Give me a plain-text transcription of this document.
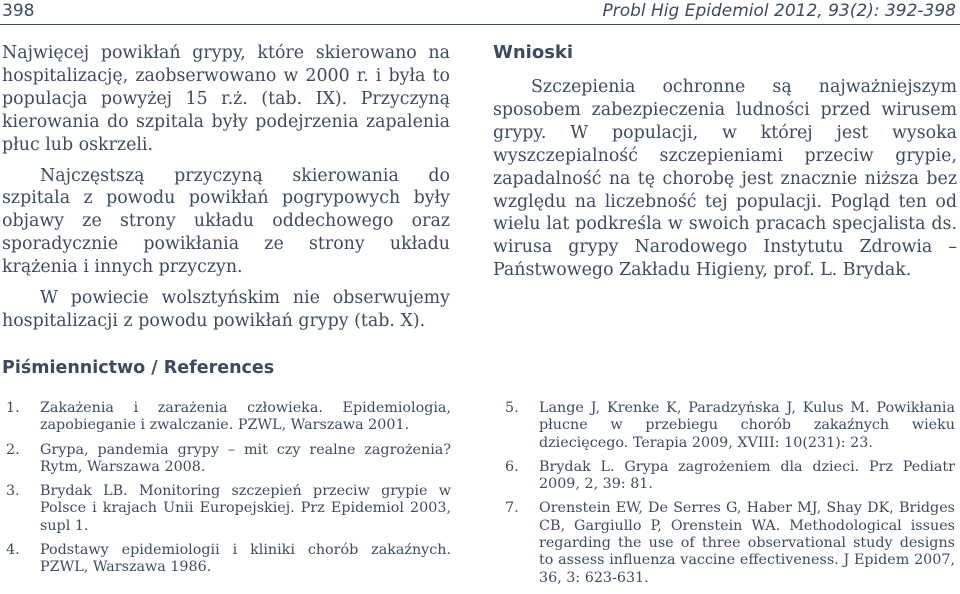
398	Probl Hig Epidemiol 2012, 93(2): 392-398

Najwięcej powikłań grypy, które skierowano na hospitalizację, zaobserwowano w 2000 r. i była to populacja powyżej 15 r.ż. (tab. IX). Przyczyną kierowania do szpitala były podejrzenia zapalenia płuc lub oskrzeli.

Najczęstszą przyczyną skierowania do szpitala z powodu powikłań pogrypowych były objawy ze strony układu oddechowego oraz sporadycznie powikłania ze strony układu krążenia i innych przyczyn.

W powiecie wolsztyńskim nie obserwujemy hospitalizacji z powodu powikłań grypy (tab. X).

Wnioski

Szczepienia ochronne są najważniejszym sposobem zabezpieczenia ludności przed wirusem grypy. W populacji, w której jest wysoka wyszczepialność szczepieniami przeciw grypie, zapadalność na tę chorobę jest znacznie niższa bez względu na liczebność tej populacji. Pogląd ten od wielu lat podkreśla w swoich pracach specjalista ds. wirusa grypy Narodowego Instytutu Zdrowia – Państwowego Zakładu Higieny, prof. L. Brydak.

Piśmiennictwo / References
1.	Zakażenia i zarażenia człowieka. Epidemiologia, zapobieganie i zwalczanie. PZWL, Warszawa 2001.
2.	Grypa, pandemia grypy – mit czy realne zagrożenia? Rytm, Warszawa 2008.
3.	Brydak LB. Monitoring szczepień przeciw grypie w Polsce i krajach Unii Europejskiej. Prz Epidemiol 2003, supl 1.
4.	Podstawy epidemiologii i kliniki chorób zakaźnych. PZWL, Warszawa 1986.
5.	Lange J, Krenke K, Paradzyńska J, Kulus M. Powikłania płucne w przebiegu chorób zakaźnych wieku dziecięcego. Terapia 2009, XVIII: 10(231): 23.
6.	Brydak L. Grypa zagrożeniem dla dzieci. Prz Pediatr 2009, 2, 39: 81.
7.	Orenstein EW, De Serres G, Haber MJ, Shay DK, Bridges CB, Gargiullo P, Orenstein WA. Methodological issues regarding the use of three observational study designs to assess influenza vaccine effectiveness. J Epidem 2007, 36, 3: 623-631.
